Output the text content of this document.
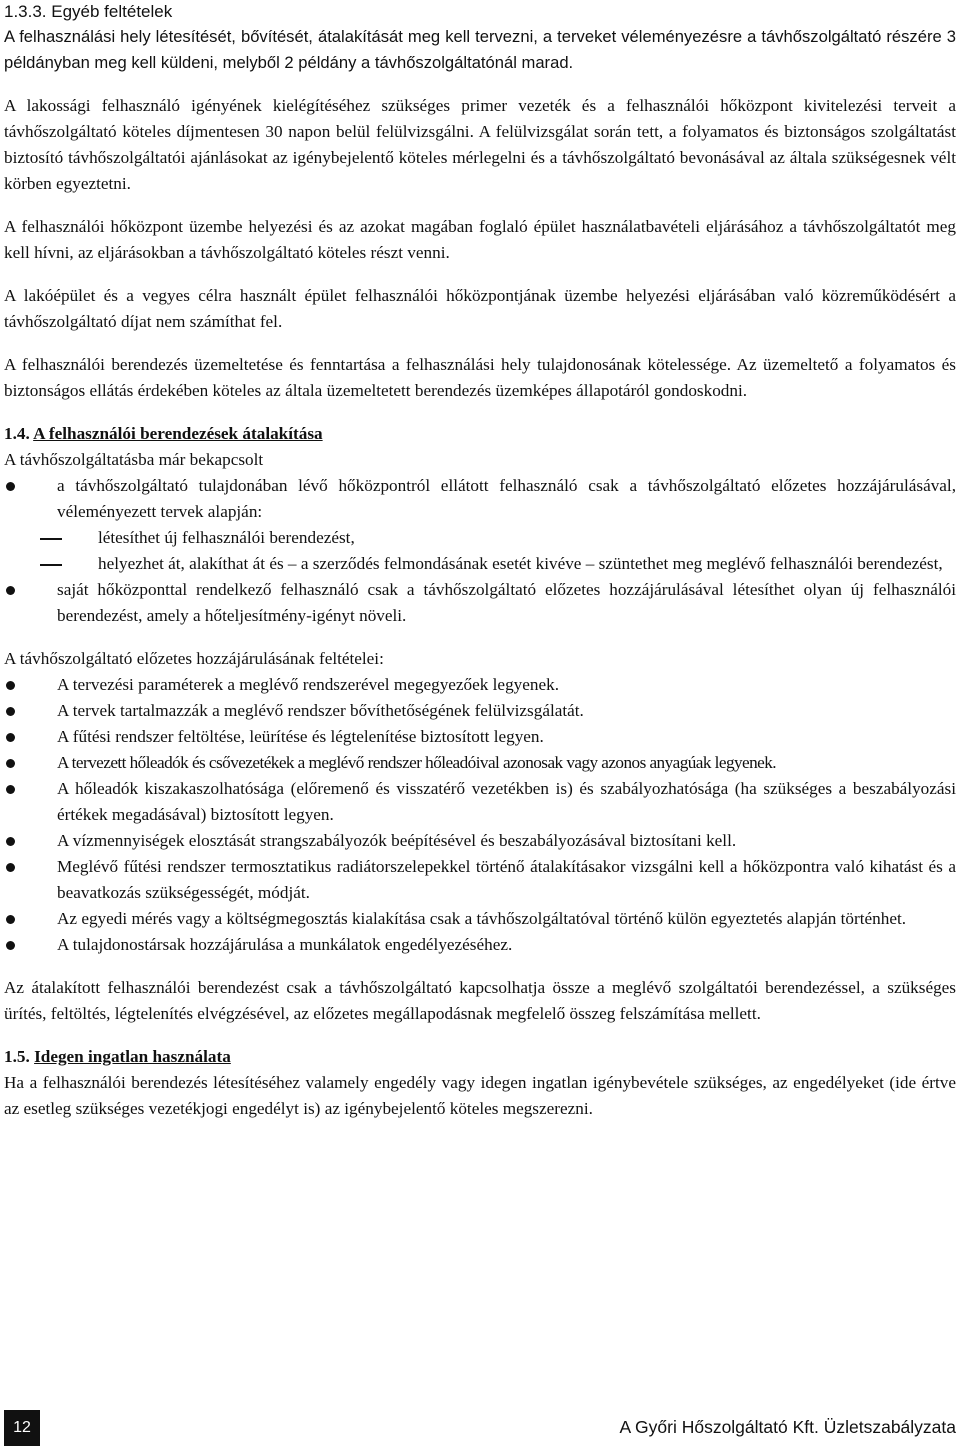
1.3.3. Egyéb feltételek

A felhasználási hely létesítését, bővítését, átalakítását meg kell tervezni, a terveket véleményezésre a távhőszolgáltató részére 3 példányban meg kell küldeni, melyből 2 példány a távhőszolgáltatónál marad.

A lakossági felhasználó igényének kielégítéséhez szükséges primer vezeték és a felhasználói hőközpont kivitelezési terveit a távhőszolgáltató köteles díjmentesen 30 napon belül felülvizsgálni. A felülvizsgálat során tett, a folyamatos és biztonságos szolgáltatást biztosító távhőszolgáltatói ajánlásokat az igénybejelentő köteles mérlegelni és a távhőszolgáltató bevonásával az általa szükségesnek vélt körben egyeztetni.

A felhasználói hőközpont üzembe helyezési és az azokat magában foglaló épület használatbavételi eljárásához a távhőszolgáltatót meg kell hívni, az eljárásokban a távhőszolgáltató köteles részt venni.

A lakóépület és a vegyes célra használt épület felhasználói hőközpontjának üzembe helyezési eljárásában való közreműködésért a távhőszolgáltató díjat nem számíthat fel.

A felhasználói berendezés üzemeltetése és fenntartása a felhasználási hely tulajdonosának kötelessége. Az üzemeltető a folyamatos és biztonságos ellátás érdekében köteles az általa üzemeltetett berendezés üzemképes állapotáról gondoskodni.

1.4. A felhasználói berendezések átalakítása

A távhőszolgáltatásba már bekapcsolt

a távhőszolgáltató tulajdonában lévő hőközpontról ellátott felhasználó csak a távhőszolgáltató előzetes hozzájárulásával, véleményezett tervek alapján:
létesíthet új felhasználói berendezést,
helyezhet át, alakíthat át és – a szerződés felmondásának esetét kivéve – szüntethet meg meglévő felhasználói berendezést,
saját hőközponttal rendelkező felhasználó csak a távhőszolgáltató előzetes hozzájárulásával létesíthet olyan új felhasználói berendezést, amely a hőteljesítmény-igényt növeli.

A távhőszolgáltató előzetes hozzájárulásának feltételei:

A tervezési paraméterek a meglévő rendszerével megegyezőek legyenek.
A tervek tartalmazzák a meglévő rendszer bővíthetőségének felülvizsgálatát.
A fűtési rendszer feltöltése, leürítése és légtelenítése biztosított legyen.
A tervezett hőleadók és csővezetékek a meglévő rendszer hőleadóival azonosak vagy azonos anyagúak legyenek.
A hőleadók kiszakaszolhatósága (előremenő és visszatérő vezetékben is) és szabályozhatósága (ha szükséges a beszabályozási értékek megadásával) biztosított legyen.
A vízmennyiségek elosztását strangszabályozók beépítésével és beszabályozásával biztosítani kell.
Meglévő fűtési rendszer termosztatikus radiátorszelepekkel történő átalakításakor vizsgálni kell a hőközpontra való kihatást és a beavatkozás szükségességét, módját.
Az egyedi mérés vagy a költségmegosztás kialakítása csak a távhőszolgáltatóval történő külön egyeztetés alapján történhet.
A tulajdonostársak hozzájárulása a munkálatok engedélyezéséhez.

Az átalakított felhasználói berendezést csak a távhőszolgáltató kapcsolhatja össze a meglévő szolgáltatói berendezéssel, a szükséges ürítés, feltöltés, légtelenítés elvégzésével, az előzetes megállapodásnak megfelelő összeg felszámítása mellett.

1.5. Idegen ingatlan használata

Ha a felhasználói berendezés létesítéséhez valamely engedély vagy idegen ingatlan igénybevétele szükséges, az engedélyeket (ide értve az esetleg szükséges vezetékjogi engedélyt is) az igénybejelentő köteles megszerezni.

12	A Győri Hőszolgáltató Kft. Üzletszabályzata
